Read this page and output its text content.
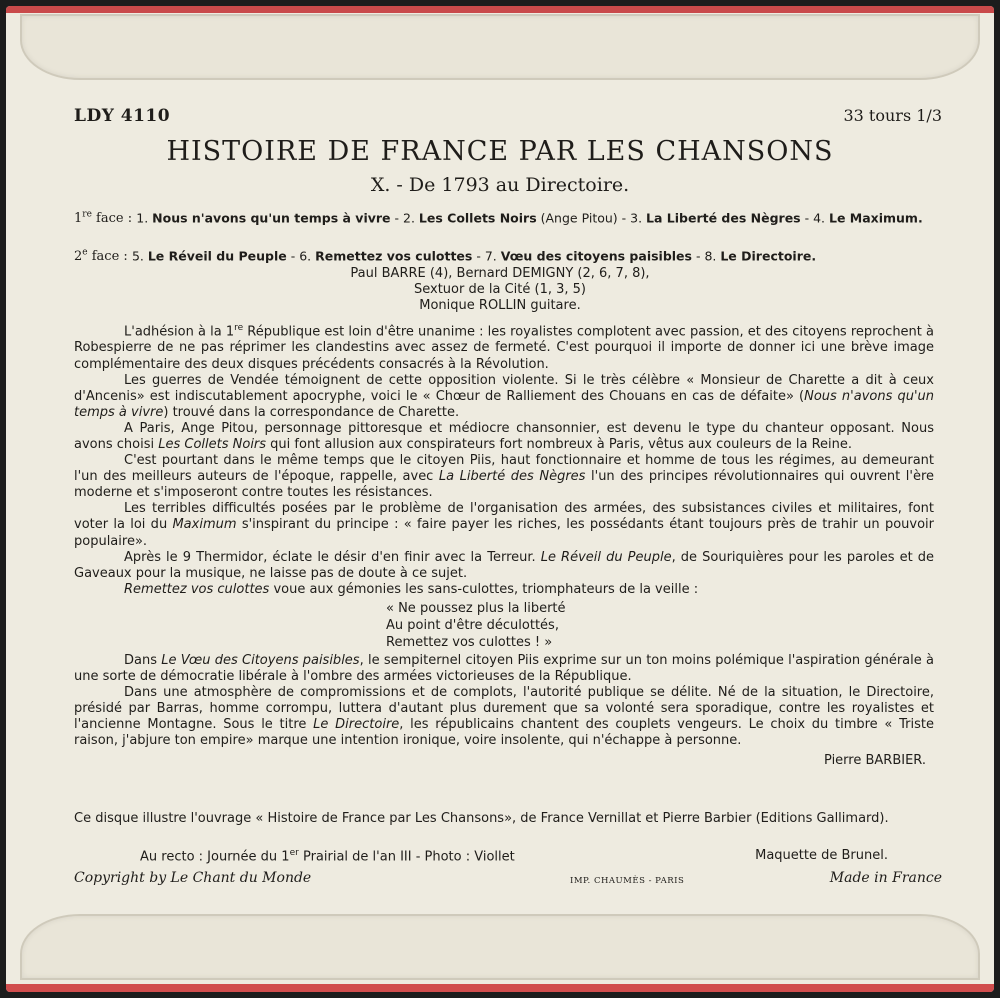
LDY 4110	33 tours 1/3
HISTOIRE DE FRANCE PAR LES CHANSONS
X. - De 1793 au Directoire.
1re face : 1. Nous n'avons qu'un temps à vivre - 2. Les Collets Noirs (Ange Pitou) - 3. La Liberté des Nègres - 4. Le Maximum.
2e face : 5. Le Réveil du Peuple - 6. Remettez vos culottes - 7. Vœu des citoyens paisibles - 8. Le Directoire.
Paul BARRE (4), Bernard DEMIGNY (2, 6, 7, 8),
Sextuor de la Cité (1, 3, 5)
Monique ROLLIN guitare.

L'adhésion à la 1re République est loin d'être unanime : les royalistes complotent avec passion, et des citoyens reprochent à Robespierre de ne pas réprimer les clandestins avec assez de fermeté. C'est pourquoi il importe de donner ici une brève image complémentaire des deux disques précédents consacrés à la Révolution.

Les guerres de Vendée témoignent de cette opposition violente. Si le très célèbre « Monsieur de Charette a dit à ceux d'Ancenis» est indiscutablement apocryphe, voici le « Chœur de Ralliement des Chouans en cas de défaite» (Nous n'avons qu'un temps à vivre) trouvé dans la correspondance de Charette.

A Paris, Ange Pitou, personnage pittoresque et médiocre chansonnier, est devenu le type du chanteur opposant. Nous avons choisi Les Collets Noirs qui font allusion aux conspirateurs fort nombreux à Paris, vêtus aux couleurs de la Reine.

C'est pourtant dans le même temps que le citoyen Piis, haut fonctionnaire et homme de tous les régimes, au demeurant l'un des meilleurs auteurs de l'époque, rappelle, avec La Liberté des Nègres l'un des principes révolutionnaires qui ouvrent l'ère moderne et s'imposeront contre toutes les résistances.

Les terribles difficultés posées par le problème de l'organisation des armées, des subsistances civiles et militaires, font voter la loi du Maximum s'inspirant du principe : « faire payer les riches, les possédants étant toujours près de trahir un pouvoir populaire».

Après le 9 Thermidor, éclate le désir d'en finir avec la Terreur. Le Réveil du Peuple, de Souriquières pour les paroles et de Gaveaux pour la musique, ne laisse pas de doute à ce sujet.

Remettez vos culottes voue aux gémonies les sans-culottes, triomphateurs de la veille :

« Ne poussez plus la liberté
Au point d'être déculottés,
Remettez vos culottes ! »

Dans Le Vœu des Citoyens paisibles, le sempiternel citoyen Piis exprime sur un ton moins polémique l'aspiration générale à une sorte de démocratie libérale à l'ombre des armées victorieuses de la République.

Dans une atmosphère de compromissions et de complots, l'autorité publique se délite. Né de la situation, le Directoire, présidé par Barras, homme corrompu, luttera d'autant plus durement que sa volonté sera sporadique, contre les royalistes et l'ancienne Montagne. Sous le titre Le Directoire, les républicains chantent des couplets vengeurs. Le choix du timbre « Triste raison, j'abjure ton empire» marque une intention ironique, voire insolente, qui n'échappe à personne.

Pierre BARBIER.
Ce disque illustre l'ouvrage « Histoire de France par Les Chansons», de France Vernillat et Pierre Barbier (Editions Gallimard).
Au recto : Journée du 1er Prairial de l'an III - Photo : Viollet	Maquette de Brunel.
Copyright by Le Chant du Monde	IMP. CHAUMÈS - PARIS	Made in France
